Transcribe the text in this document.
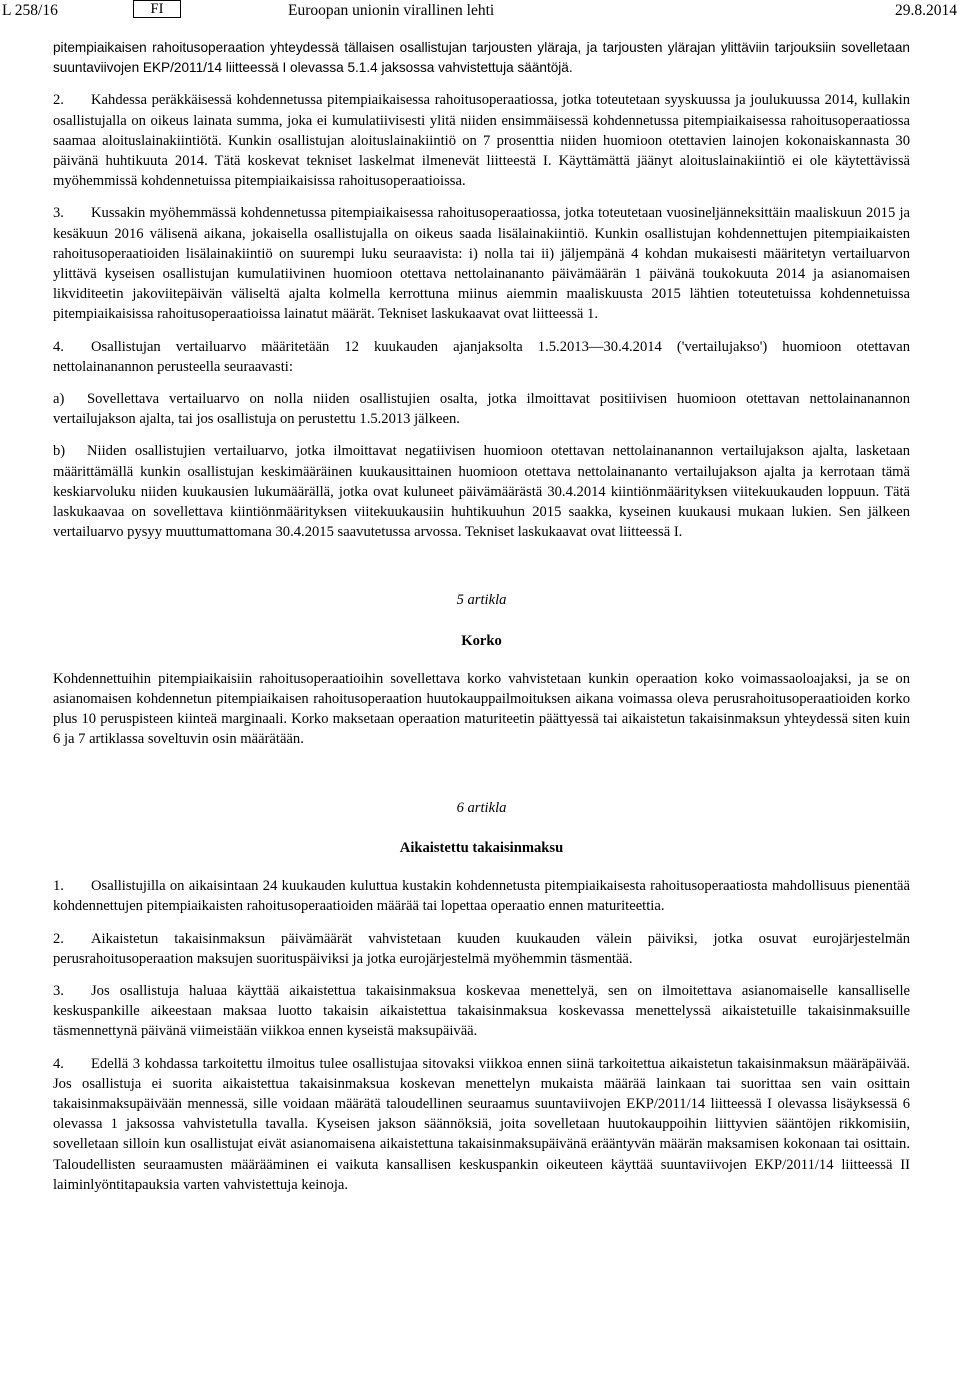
L 258/16	FI	Euroopan unionin virallinen lehti	29.8.2014

pitempiaikaisen rahoitusoperaation yhteydessä tällaisen osallistujan tarjousten yläraja, ja tarjousten ylärajan ylittäviin tarjouksiin sovelletaan suuntaviivojen EKP/2011/14 liitteessä I olevassa 5.1.4 jaksossa vahvistettuja sääntöjä.

2. Kahdessa peräkkäisessä kohdennetussa pitempiaikaisessa rahoitusoperaatiossa, jotka toteutetaan syyskuussa ja joulukuussa 2014, kullakin osallistujalla on oikeus lainata summa, joka ei kumulatiivisesti ylitä niiden ensimmäisessä kohdennetussa pitempiaikaisessa rahoitusoperaatiossa saamaa aloituslainakiintiötä. Kunkin osallistujan aloituslainakiintiö on 7 prosenttia niiden huomioon otettavien lainojen kokonaiskannasta 30 päivänä huhtikuuta 2014. Tätä koskevat tekniset laskelmat ilmenevät liitteestä I. Käyttämättä jäänyt aloituslainakiintiö ei ole käytettävissä myöhemmissä kohdennetuissa pitempiaikaisissa rahoitusoperaatioissa.

3. Kussakin myöhemmässä kohdennetussa pitempiaikaisessa rahoitusoperaatiossa, jotka toteutetaan vuosineljänneksittäin maaliskuun 2015 ja kesäkuun 2016 välisenä aikana, jokaisella osallistujalla on oikeus saada lisälainakiintiö. Kunkin osallistujan kohdennettujen pitempiaikaisten rahoitusoperaatioiden lisälainakiintiö on suurempi luku seuraavista: i) nolla tai ii) jäljempänä 4 kohdan mukaisesti määritetyn vertailuarvon ylittävä kyseisen osallistujan kumulatiivinen huomioon otettava nettolainananto päivämäärän 1 päivänä toukokuuta 2014 ja asianomaisen likviditeetin jakoviitepäivän väliseltä ajalta kolmella kerrottuna miinus aiemmin maaliskuusta 2015 lähtien toteutetuissa kohdennetuissa pitempiaikaisissa rahoitusoperaatioissa lainatut määrät. Tekniset laskukaavat ovat liitteessä 1.

4. Osallistujan vertailuarvo määritetään 12 kuukauden ajanjaksolta 1.5.2013—30.4.2014 ('vertailujakso') huomioon otettavan nettolainanannon perusteella seuraavasti:

a) Sovellettava vertailuarvo on nolla niiden osallistujien osalta, jotka ilmoittavat positiivisen huomioon otettavan nettolainanannon vertailujakson ajalta, tai jos osallistuja on perustettu 1.5.2013 jälkeen.

b) Niiden osallistujien vertailuarvo, jotka ilmoittavat negatiivisen huomioon otettavan nettolainanannon vertailujakson ajalta, lasketaan määrittämällä kunkin osallistujan keskimääräinen kuukausittainen huomioon otettava nettolainananto vertailujakson ajalta ja kerrotaan tämä keskiarvoluku niiden kuukausien lukumäärällä, jotka ovat kuluneet päivämäärästä 30.4.2014 kiintiönmäärityksen viitekuukauden loppuun. Tätä laskukaavaa on sovellettava kiintiönmäärityksen viitekuukausiin huhtikuuhun 2015 saakka, kyseinen kuukausi mukaan lukien. Sen jälkeen vertailuarvo pysyy muuttumattomana 30.4.2015 saavutetussa arvossa. Tekniset laskukaavat ovat liitteessä I.

5 artikla

Korko

Kohdennettuihin pitempiaikaisiin rahoitusoperaatioihin sovellettava korko vahvistetaan kunkin operaation koko voimassaoloajaksi, ja se on asianomaisen kohdennetun pitempiaikaisen rahoitusoperaation huutokauppailmoituksen aikana voimassa oleva perusrahoitusoperaatioiden korko plus 10 peruspisteen kiinteä marginaali. Korko maksetaan operaation maturiteetin päättyessä tai aikaistetun takaisinmaksun yhteydessä siten kuin 6 ja 7 artiklassa soveltuvin osin määrätään.

6 artikla

Aikaistettu takaisinmaksu

1. Osallistujilla on aikaisintaan 24 kuukauden kuluttua kustakin kohdennetusta pitempiaikaisesta rahoitusoperaatiosta mahdollisuus pienentää kohdennettujen pitempiaikaisten rahoitusoperaatioiden määrää tai lopettaa operaatio ennen maturiteettia.

2. Aikaistetun takaisinmaksun päivämäärät vahvistetaan kuuden kuukauden välein päiviksi, jotka osuvat eurojärjestelmän perusrahoitusoperaation maksujen suorituspäiviksi ja jotka eurojärjestelmä myöhemmin täsmentää.

3. Jos osallistuja haluaa käyttää aikaistettua takaisinmaksua koskevaa menettelyä, sen on ilmoitettava asianomaiselle kansalliselle keskuspankille aikeestaan maksaa luotto takaisin aikaistettua takaisinmaksua koskevassa menettelyssä aikaistetuille takaisinmaksuille täsmennettynä päivänä viimeistään viikkoa ennen kyseistä maksupäivää.

4. Edellä 3 kohdassa tarkoitettu ilmoitus tulee osallistujaa sitovaksi viikkoa ennen siinä tarkoitettua aikaistetun takaisinmaksun määräpäivää. Jos osallistuja ei suorita aikaistettua takaisinmaksua koskevan menettelyn mukaista määrää lainkaan tai suorittaa sen vain osittain takaisinmaksupäivään mennessä, sille voidaan määrätä taloudellinen seuraamus suuntaviivojen EKP/2011/14 liitteessä I olevassa lisäyksessä 6 olevassa 1 jaksossa vahvistetulla tavalla. Kyseisen jakson säännöksiä, joita sovelletaan huutokauppoihin liittyvien sääntöjen rikkomisiin, sovelletaan silloin kun osallistujat eivät asianomaisena aikaistettuna takaisinmaksupäivänä erääntyvän määrän maksamisen kokonaan tai osittain. Taloudellisten seuraamusten määrääminen ei vaikuta kansallisen keskuspankin oikeuteen käyttää suuntaviivojen EKP/2011/14 liitteessä II laiminlyöntitapauksia varten vahvistettuja keinoja.
